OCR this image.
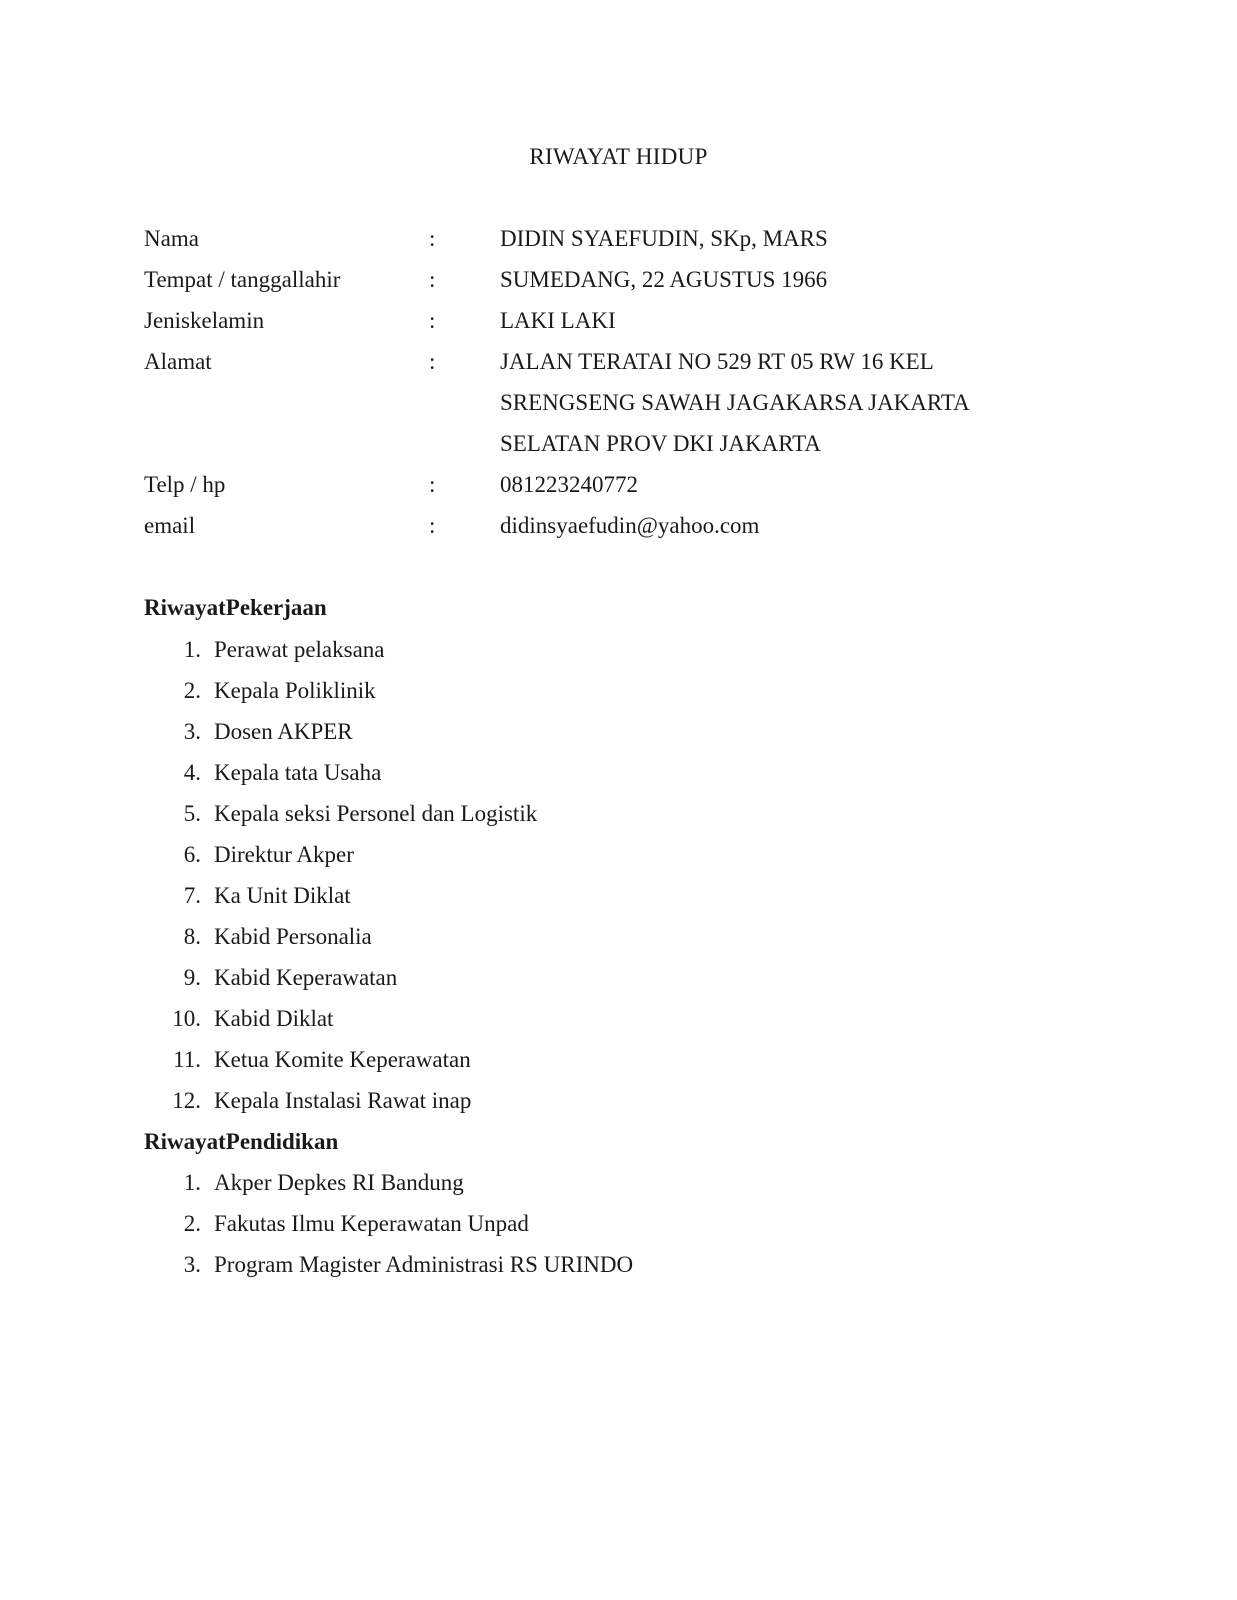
RIWAYAT HIDUP
Nama	:	DIDIN SYAEFUDIN, SKp, MARS
Tempat / tanggallahir	:	SUMEDANG, 22 AGUSTUS 1966
Jeniskelamin	:	LAKI LAKI
Alamat	:	JALAN TERATAI NO 529 RT 05 RW 16 KEL
SRENGSENG SAWAH JAGAKARSA JAKARTA
SELATAN PROV DKI JAKARTA
Telp / hp	:	081223240772
email	:	didinsyaefudin@yahoo.com
RiwayatPekerjaan
1. Perawat pelaksana
2. Kepala Poliklinik
3. Dosen AKPER
4. Kepala tata Usaha
5. Kepala seksi Personel dan Logistik
6. Direktur Akper
7. Ka Unit Diklat
8. Kabid Personalia
9. Kabid Keperawatan
10. Kabid Diklat
11. Ketua Komite Keperawatan
12. Kepala Instalasi Rawat inap
RiwayatPendidikan
1. Akper Depkes RI Bandung
2. Fakutas Ilmu Keperawatan Unpad
3. Program Magister Administrasi RS URINDO
